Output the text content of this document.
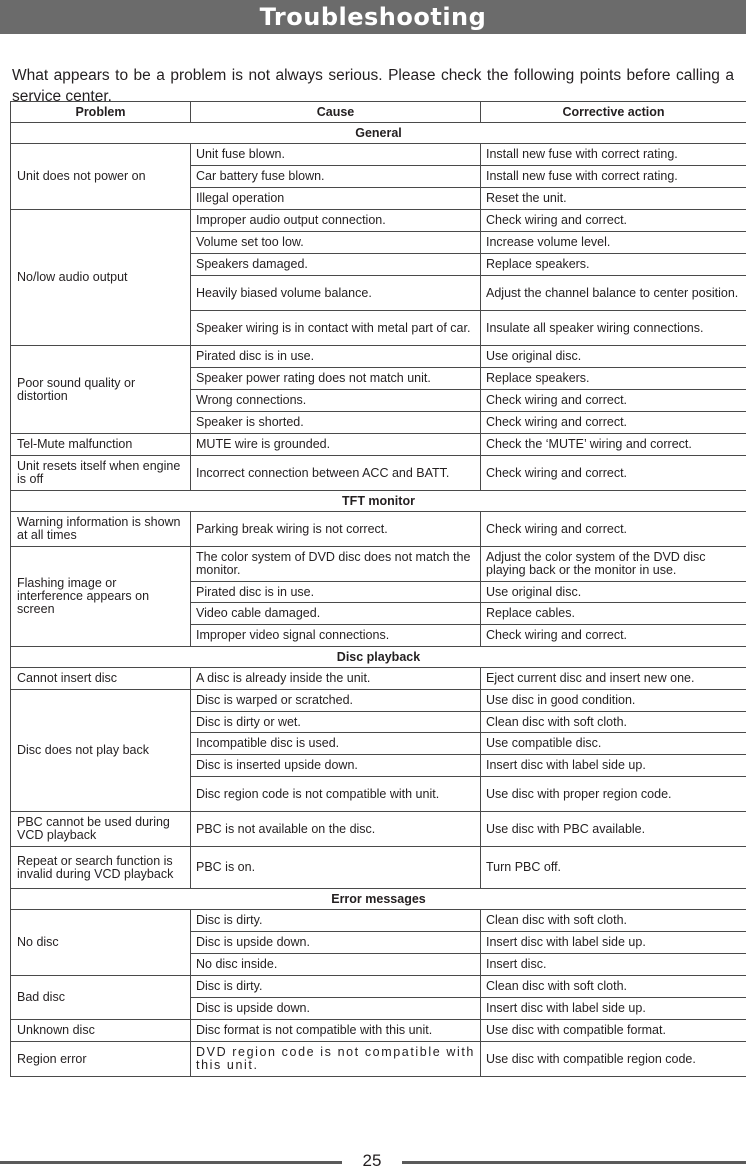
Troubleshooting

What appears to be a problem is not always serious. Please check the following points before calling a service center.

Problem	Cause	Corrective action
General		
Unit does not power on	Unit fuse blown.	Install new fuse with correct rating.
	Car battery fuse blown.	Install new fuse with correct rating.
	Illegal operation	Reset the unit.
No/low audio output	Improper audio output connection.	Check wiring and correct.
	Volume set too low.	Increase volume level.
	Speakers damaged.	Replace speakers.
	Heavily biased volume balance.	Adjust the channel balance to center position.
	Speaker wiring is in contact with metal part of car.	Insulate all speaker wiring connections.
Poor sound quality or distortion	Pirated disc is in use.	Use original disc.
	Speaker power rating does not match unit.	Replace speakers.
	Wrong connections.	Check wiring and correct.
	Speaker is shorted.	Check wiring and correct.
Tel-Mute malfunction	MUTE wire is grounded.	Check the ‘MUTE’ wiring and correct.
Unit resets itself when engine is off	Incorrect connection between ACC and BATT.	Check wiring and correct.
TFT monitor		
Warning information is shown at all times	Parking break wiring is not correct.	Check wiring and correct.
Flashing image or interference appears on screen	The color system of DVD disc does not match the monitor.	Adjust the color system of the DVD disc playing back or the monitor in use.
	Pirated disc is in use.	Use original disc.
	Video cable damaged.	Replace cables.
	Improper video signal connections.	Check wiring and correct.
Disc playback		
Cannot insert disc	A disc is already inside the unit.	Eject current disc and insert new one.
Disc does not play back	Disc is warped or scratched.	Use disc in good condition.
	Disc is dirty or wet.	Clean disc with soft cloth.
	Incompatible disc is used.	Use compatible disc.
	Disc is inserted upside down.	Insert disc with label side up.
	Disc region code is not compatible with unit.	Use disc with proper region code.
PBC cannot be used during VCD playback	PBC is not available on the disc.	Use disc with PBC available.
Repeat or search function is invalid during VCD playback	PBC is on.	Turn PBC off.
Error messages		
No disc	Disc is dirty.	Clean disc with soft cloth.
	Disc is upside down.	Insert disc with label side up.
	No disc inside.	Insert disc.
Bad disc	Disc is dirty.	Clean disc with soft cloth.
	Disc is upside down.	Insert disc with label side up.
Unknown disc	Disc format is not compatible with this unit.	Use disc with compatible format.
Region error	DVD region code is not compatible with this unit.	Use disc with compatible region code.
25
